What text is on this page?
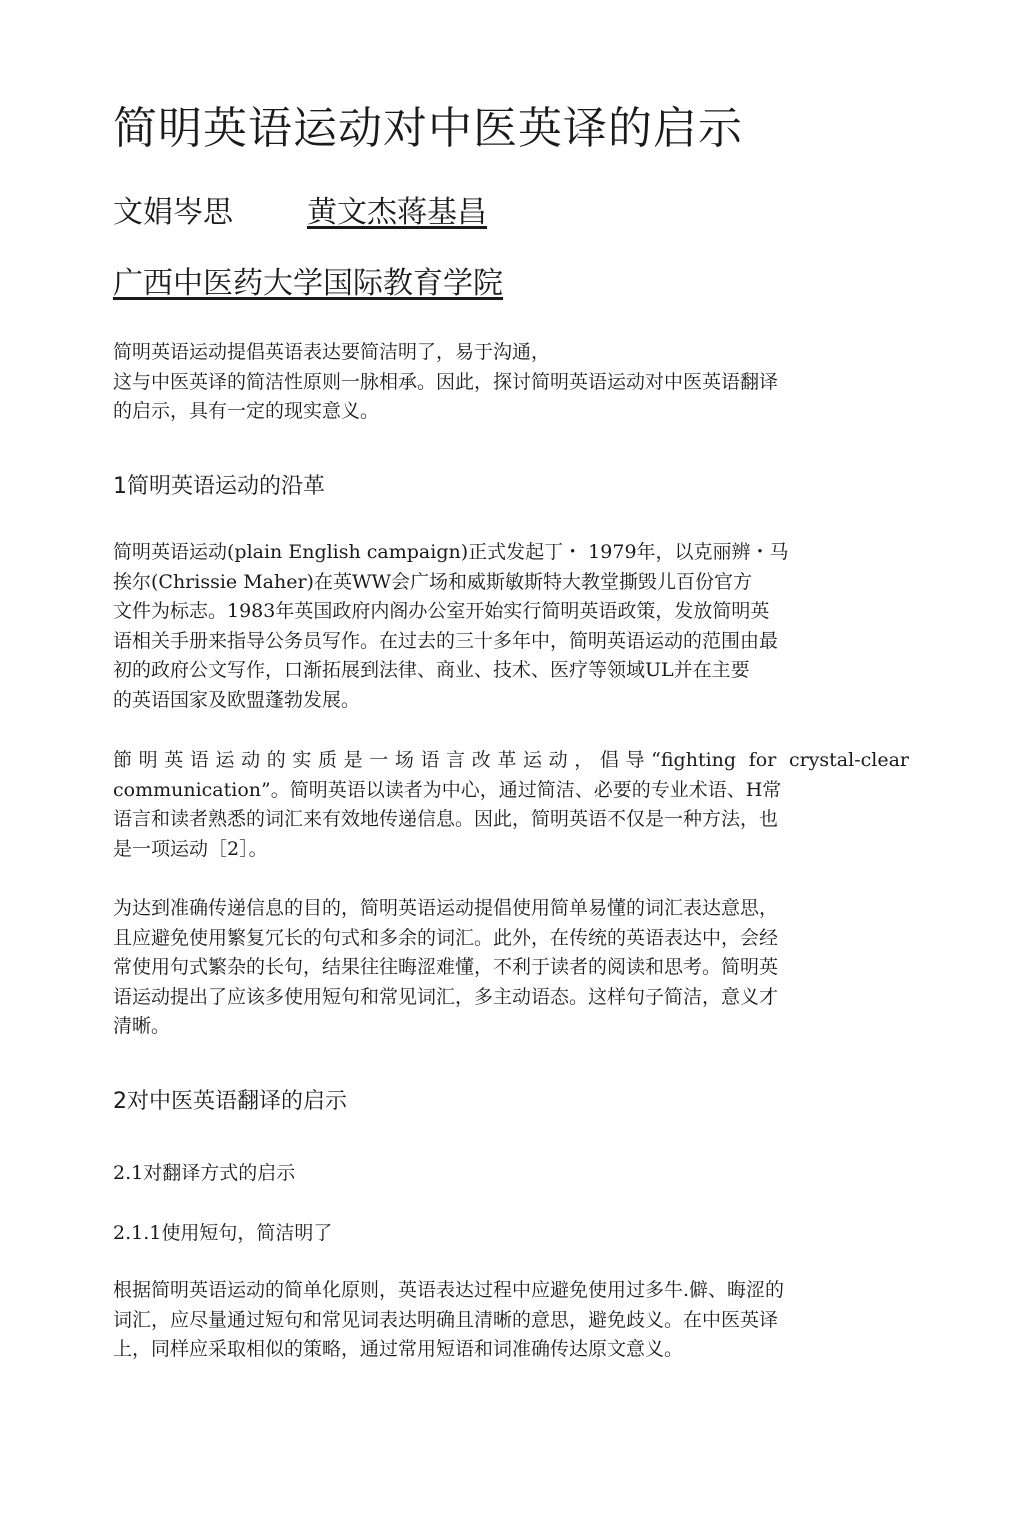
简明英语运动对中医英译的启示
文娟岑思 黄文杰蒋基昌
广西中医药大学国际教育学院
简明英语运动提倡英语表达要简洁明了，易于沟通，
这与中医英译的简洁性原则一脉相承。因此，探讨简明英语运动对中医英语翻译
的启示，具有一定的现实意义。
1简明英语运动的沿革
简明英语运动(plain English campaign)正式发起丁・ 1979年，以克丽辨・马
挨尔(Chrissie Maher)在英WW会广场和威斯敏斯特大教堂撕毁儿百份官方
文件为标志。1983年英国政府内阁办公室开始实行简明英语政策，发放简明英
语相关手册来指导公务员写作。在过去的三十多年中，简明英语运动的范围由最
初的政府公文写作，口渐拓展到法律、商业、技术、医疗等领域UL并在主要
的英语国家及欧盟蓬勃发展。
節明英语运动的实质是一场语言改革运动，倡导“fighting for crystal-clear
communication”。简明英语以读者为中心，通过简洁、必要的专业术语、H常
语言和读者熟悉的词汇来有效地传递信息。因此，简明英语不仅是一种方法，也
是一项运动［2］。
为达到准确传递信息的目的，简明英语运动提倡使用简单易懂的词汇表达意思，
且应避免使用繁复冗长的句式和多余的词汇。此外，在传统的英语表达中，会经
常使用句式繁杂的长句，结果往往晦涩难懂，不利于读者的阅读和思考。简明英
语运动提出了应该多使用短句和常见词汇，多主动语态。这样句子简洁，意义才
清晰。
2对中医英语翻译的启示
2.1对翻译方式的启示
2.1.1使用短句，简洁明了
根据简明英语运动的简单化原则，英语表达过程中应避免使用过多牛.僻、晦涩的
词汇，应尽量通过短句和常见词表达明确且清晰的意思，避免歧义。在中医英译
上，同样应采取相似的策略，通过常用短语和词准确传达原文意义。
